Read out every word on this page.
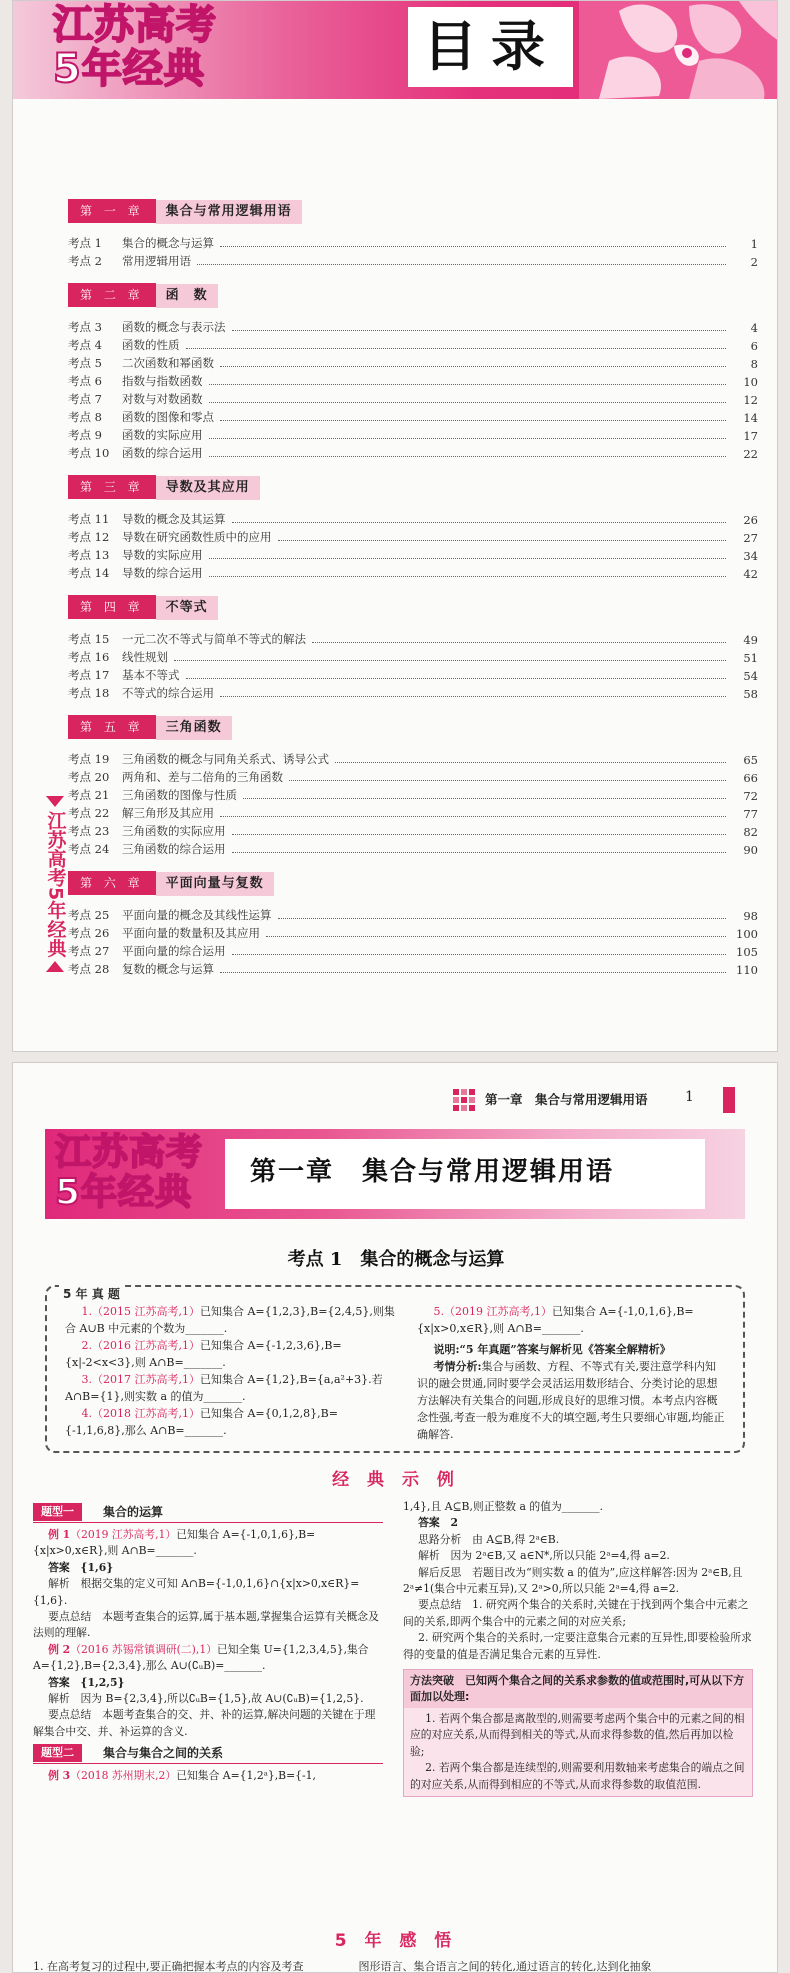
江苏高考
5年经典	目录
第 一 章 集合与常用逻辑用语
考点 1	集合的概念与运算	1
考点 2	常用逻辑用语	2
第 二 章 函　数
考点 3	函数的概念与表示法	4
考点 4	函数的性质	6
考点 5	二次函数和幂函数	8
考点 6	指数与指数函数	10
考点 7	对数与对数函数	12
考点 8	函数的图像和零点	14
考点 9	函数的实际应用	17
考点 10	函数的综合运用	22
第 三 章 导数及其应用
考点 11	导数的概念及其运算	26
考点 12	导数在研究函数性质中的应用	27
考点 13	导数的实际应用	34
考点 14	导数的综合运用	42
第 四 章 不等式
考点 15	一元二次不等式与简单不等式的解法	49
考点 16	线性规划	51
考点 17	基本不等式	54
考点 18	不等式的综合运用	58
第 五 章 三角函数
考点 19	三角函数的概念与同角关系式、诱导公式	65
考点 20	两角和、差与二倍角的三角函数	66
考点 21	三角函数的图像与性质	72
考点 22	解三角形及其应用	77
考点 23	三角函数的实际应用	82
考点 24	三角函数的综合运用	90
第 六 章 平面向量与复数
考点 25	平面向量的概念及其线性运算	98
考点 26	平面向量的数量积及其应用	100
考点 27	平面向量的综合运用	105
考点 28	复数的概念与运算	110
江苏高考5年经典
第一章　集合与常用逻辑用语	1
江苏高考
5年经典	第一章　集合与常用逻辑用语
考点 1　集合的概念与运算
5 年 真 题
1.（2015 江苏高考,1）已知集合 A={1,2,3},B={2,4,5},则集合 A∪B 中元素的个数为_______.
2.（2016 江苏高考,1）已知集合 A={-1,2,3,6},B={x|-2<x<3},则 A∩B=_______.
3.（2017 江苏高考,1）已知集合 A={1,2},B={a,a²+3}.若 A∩B={1},则实数 a 的值为_______.
4.（2018 江苏高考,1）已知集合 A={0,1,2,8},B={-1,1,6,8},那么 A∩B=_______.
5.（2019 江苏高考,1）已知集合 A={-1,0,1,6},B={x|x>0,x∈R},则 A∩B=_______.
说明:“5 年真题”答案与解析见《答案全解精析》
考情分析:集合与函数、方程、不等式有关,要注意学科内知识的融会贯通,同时要学会灵活运用数形结合、分类讨论的思想方法解决有关集合的问题,形成良好的思维习惯。本考点内容概念性强,考查一般为难度不大的填空题,考生只要细心审题,均能正确解答.
经 典 示 例
题型一	集合的运算

例 1（2019 江苏高考,1）已知集合 A={-1,0,1,6},B={x|x>0,x∈R},则 A∩B=_______.

答案　{1,6}

解析　根据交集的定义可知 A∩B={-1,0,1,6}∩{x|x>0,x∈R}={1,6}.

要点总结　本题考查集合的运算,属于基本题,掌握集合运算有关概念及法则的理解.

例 2（2016 苏锡常镇调研(二),1）已知全集 U={1,2,3,4,5},集合 A={1,2},B={2,3,4},那么 A∪(∁ᵤB)=_______.

答案　{1,2,5}

解析　因为 B={2,3,4},所以∁ᵤB={1,5},故 A∪(∁ᵤB)={1,2,5}.

要点总结　本题考查集合的交、并、补的运算,解决问题的关键在于理解集合中交、并、补运算的含义.

题型二	集合与集合之间的关系

例 3（2018 苏州期末,2）已知集合 A={1,2ᵃ},B={-1,

1,4},且 A⊆B,则正整数 a 的值为_______.

答案　2

思路分析　由 A⊆B,得 2ᵃ∈B.

解析　因为 2ᵃ∈B,又 a∈N*,所以只能 2ᵃ=4,得 a=2.

解后反思　若题目改为“则实数 a 的值为”,应这样解答:因为 2ᵃ∈B,且 2ᵃ≠1(集合中元素互异),又 2ᵃ>0,所以只能 2ᵃ=4,得 a=2.

要点总结　1. 研究两个集合的关系时,关键在于找到两个集合中元素之间的关系,即两个集合中的元素之间的对应关系;

2. 研究两个集合的关系时,一定要注意集合元素的互异性,即要检验所求得的变量的值是否满足集合元素的互异性.

方法突破　已知两个集合之间的关系求参数的值或范围时,可从以下方面加以处理:

1. 若两个集合都是离散型的,则需要考虑两个集合中的元素之间的相应的对应关系,从而得到相关的等式,从而求得参数的值,然后再加以检验;

2. 若两个集合都是连续型的,则需要利用数轴来考虑集合的端点之间的对应关系,从而得到相应的不等式,从而求得参数的取值范围.

5 年 感 悟
1. 在高考复习的过程中,要正确把握本考点的内容及考查　　　　　图形语言、集合语言之间的转化,通过语言的转化,达到化抽象
